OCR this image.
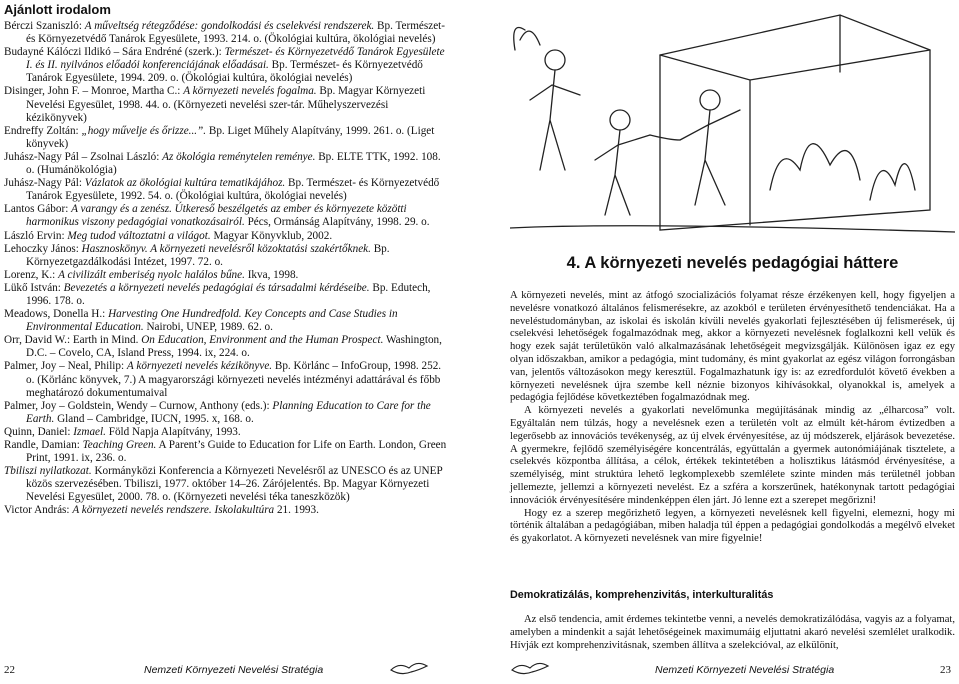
Ajánlott irodalom

Bérczi Szaniszló: A műveltség rétegződése: gondolkodási és cselekvési rendszerek. Bp. Természet- és Környezetvédő Tanárok Egyesülete, 1993. 214. o. (Ökológiai kultúra, ökológiai nevelés)

Budayné Kálóczi Ildikó – Sára Endréné (szerk.): Természet- és Környezetvédő Tanárok Egyesülete I. és II. nyilvános előadói konferenciájának előadásai. Bp. Természet- és Környezetvédő Tanárok Egyesülete, 1994. 209. o. (Ökológiai kultúra, ökológiai nevelés)

Disinger, John F. – Monroe, Martha C.: A környezeti nevelés fogalma. Bp. Magyar Környezeti Nevelési Egyesület, 1998. 44. o. (Környezeti nevelési szer-tár. Műhelyszervezési kézikönyvek)

Endreffy Zoltán: „hogy művelje és őrizze...”. Bp. Liget Műhely Alapítvány, 1999. 261. o. (Liget könyvek)

Juhász-Nagy Pál – Zsolnai László: Az ökológia reménytelen reménye. Bp. ELTE TTK, 1992. 108. o. (Humánökológia)

Juhász-Nagy Pál: Vázlatok az ökológiai kultúra tematikájához. Bp. Természet- és Környezetvédő Tanárok Egyesülete, 1992. 54. o. (Ökológiai kultúra, ökológiai nevelés)

Lantos Gábor: A varangy és a zenész. Útkereső beszélgetés az ember és környezete közötti harmonikus viszony pedagógiai vonatkozásairól. Pécs, Ormánság Alapítvány, 1998. 29. o.

László Ervin: Meg tudod változtatni a világot. Magyar Könyvklub, 2002.

Lehoczky János: Hasznoskönyv. A környezeti nevelésről közoktatási szakértőknek. Bp. Környezetgazdálkodási Intézet, 1997. 72. o.

Lorenz, K.: A civilizált emberiség nyolc halálos bűne. Ikva, 1998.

Lükő István: Bevezetés a környezeti nevelés pedagógiai és társadalmi kérdéseibe. Bp. Edutech, 1996. 178. o.

Meadows, Donella H.: Harvesting One Hundredfold. Key Concepts and Case Studies in Environmental Education. Nairobi, UNEP, 1989. 62. o.

Orr, David W.: Earth in Mind. On Education, Environment and the Human Prospect. Washington, D.C. – Covelo, CA, Island Press, 1994. ix, 224. o.

Palmer, Joy – Neal, Philip: A környezeti nevelés kézikönyve. Bp. Körlánc – InfoGroup, 1998. 252. o. (Körlánc könyvek, 7.) A magyarországi környezeti nevelés intézményi adattárával és főbb meghatározó dokumentumaival

Palmer, Joy – Goldstein, Wendy – Curnow, Anthony (eds.): Planning Education to Care for the Earth. Gland – Cambridge, IUCN, 1995. x, 168. o.

Quinn, Daniel: Izmael. Föld Napja Alapítvány, 1993.

Randle, Damian: Teaching Green. A Parent’s Guide to Education for Life on Earth. London, Green Print, 1991. ix, 236. o.

Tbiliszi nyilatkozat. Kormányközi Konferencia a Környezeti Nevelésről az UNESCO és az UNEP közös szervezésében. Tbiliszi, 1977. október 14–26. Zárójelentés. Bp. Magyar Környezeti Nevelési Egyesület, 2000. 78. o. (Környezeti nevelési téka taneszközök)

Victor András: A környezeti nevelés rendszere. Iskolakultúra 21. 1993.

22	Nemzeti Környezeti Nevelési Stratégia
4. A környezeti nevelés pedagógiai háttere

A környezeti nevelés, mint az átfogó szocializációs folyamat része érzékenyen kell, hogy figyeljen a nevelésre vonatkozó általános felismerésekre, az azokból e területen érvényesíthető tendenciákat. Ha a neveléstudományban, az iskolai és iskolán kívüli nevelés gyakorlati fejlesztésében új felismerések, új cselekvési lehetőségek fogalmazódnak meg, akkor a környezeti nevelésnek foglalkozni kell velük és hogy ezek saját területükön való alkalmazásának lehetőségeit megvizsgálják. Különösen igaz ez egy olyan időszakban, amikor a pedagógia, mint tudomány, és mint gyakorlat az egész világon forrongásban van, jelentős változásokon megy keresztül. Fogalmazhatunk így is: az ezredfordulót követő években a környezeti nevelésnek újra szembe kell néznie bizonyos kihívásokkal, olyanokkal is, amelyek a pedagógia fejlődése következtében fogalmazódnak meg.

A környezeti nevelés a gyakorlati nevelőmunka megújításának mindig az „élharcosa” volt. Egyáltalán nem túlzás, hogy a nevelésnek ezen a területén volt az elmúlt két-három évtizedben a legerősebb az innovációs tevékenység, az új elvek érvényesítése, az új módszerek, eljárások bevezetése. A gyermekre, fejlődő személyiségére koncentrálás, együttalán a gyermek autonómiájának tisztelete, a cselekvés központba állítása, a célok, értékek tekintetében a holisztikus látásmód érvényesítése, a személyiség, mint struktúra lehető legkomplexebb szemlélete szinte minden más területnél jobban jellemezte, jellemzi a környezeti nevelést. Ez a szféra a korszerűnek, hatékonynak tartott pedagógiai innovációk érvényesítésére mindenképpen élen járt. Jó lenne ezt a szerepet megőrizni!

Hogy ez a szerep megőrizhető legyen, a környezeti nevelésnek kell figyelni, elemezni, hogy mi történik általában a pedagógiában, miben haladja túl éppen a pedagógiai gondolkodás a megélvő elveket és gyakorlatot. A környezeti nevelésnek van mire figyelnie!

Demokratizálás, komprehenzivitás, interkulturalitás

Az első tendencia, amit érdemes tekintetbe venni, a nevelés demokratizálódása, vagyis az a folyamat, amelyben a mindenkit a saját lehetőségeinek maximumáig eljuttatni akaró nevelési szemlélet uralkodik. Hívják ezt komprehenzivitásnak, szemben állítva a szelekcióval, az elkülönít,

Nemzeti Környezeti Nevelési Stratégia	23
